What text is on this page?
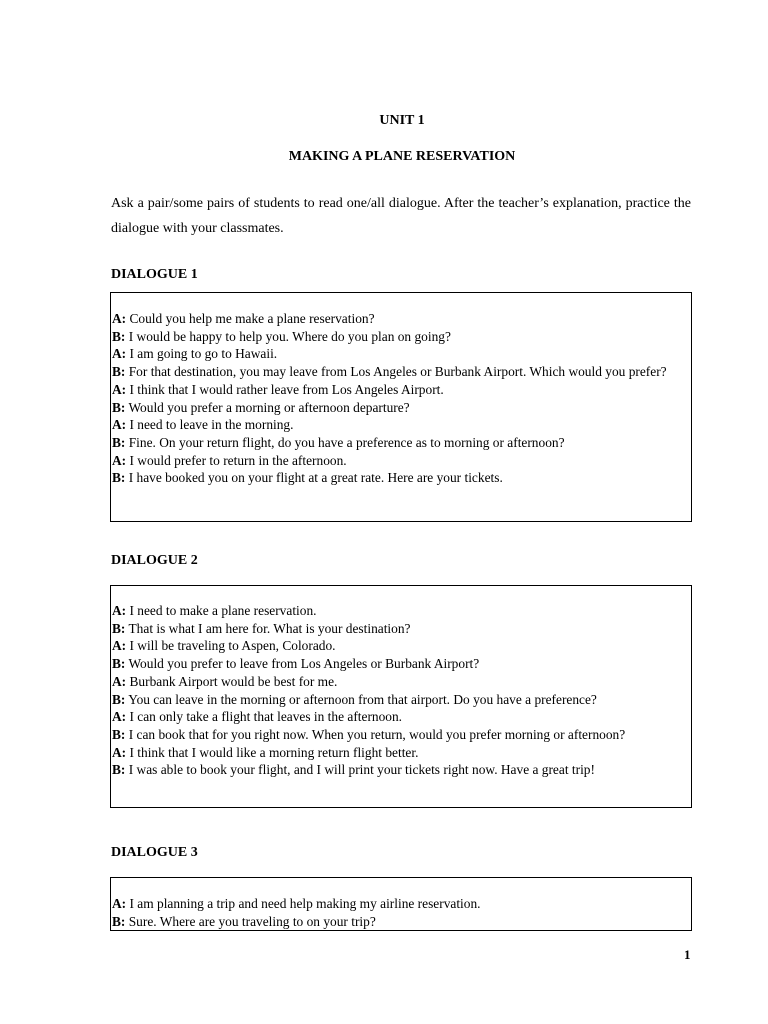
UNIT 1
MAKING A PLANE RESERVATION
Ask a pair/some pairs of students to read one/all dialogue. After the teacher’s explanation, practice the dialogue with your classmates.
DIALOGUE 1

A: Could you help me make a plane reservation?

B: I would be happy to help you. Where do you plan on going?

A: I am going to go to Hawaii.

B: For that destination, you may leave from Los Angeles or Burbank Airport. Which would you prefer?

A: I think that I would rather leave from Los Angeles Airport.

B: Would you prefer a morning or afternoon departure?

A: I need to leave in the morning.

B: Fine. On your return flight, do you have a preference as to morning or afternoon?

A: I would prefer to return in the afternoon.

B: I have booked you on your flight at a great rate. Here are your tickets.

DIALOGUE 2

A: I need to make a plane reservation.

B: That is what I am here for. What is your destination?

A: I will be traveling to Aspen, Colorado.

B: Would you prefer to leave from Los Angeles or Burbank Airport?

A: Burbank Airport would be best for me.

B: You can leave in the morning or afternoon from that airport. Do you have a preference?

A: I can only take a flight that leaves in the afternoon.

B: I can book that for you right now. When you return, would you prefer morning or afternoon?

A: I think that I would like a morning return flight better.

B: I was able to book your flight, and I will print your tickets right now. Have a great trip!

DIALOGUE 3

A: I am planning a trip and need help making my airline reservation.

B: Sure. Where are you traveling to on your trip?

1
